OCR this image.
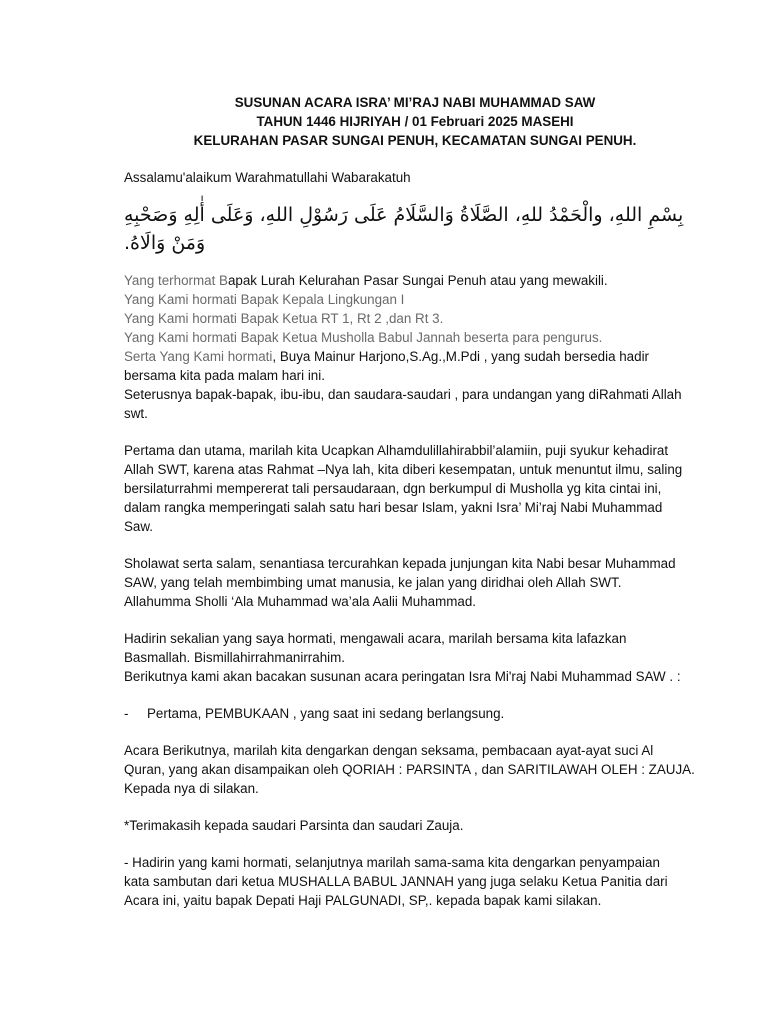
SUSUNAN ACARA ISRA’ MI’RAJ NABI MUHAMMAD SAW
TAHUN 1446 HIJRIYAH / 01 Februari 2025 MASEHI
KELURAHAN PASAR SUNGAI PENUH, KECAMATAN SUNGAI PENUH.

Assalamu'alaikum Warahmatullahi Wabarakatuh

بِسْمِ اللهِ، والْحَمْدُ للهِ، الصَّلَاةُ وَالسَّلَامُ عَلَى رَسُوْلِ اللهِ، وَعَلَى أٰلِهِ وَصَحْبِهِ وَمَنْ وَالَاهُ.

Yang terhormat Bapak Lurah Kelurahan Pasar Sungai Penuh atau yang mewakili.

Yang Kami hormati Bapak Kepala Lingkungan I

Yang Kami hormati Bapak Ketua RT 1, Rt 2 ,dan Rt 3.

Yang Kami hormati Bapak Ketua Musholla Babul Jannah beserta para pengurus.

Serta Yang Kami hormati, Buya Mainur Harjono,S.Ag.,M.Pdi , yang sudah bersedia hadir

bersama kita pada malam hari ini.

Seterusnya bapak-bapak, ibu-ibu, dan saudara-saudari , para undangan yang diRahmati Allah

swt.

Pertama dan utama, marilah kita Ucapkan Alhamdulillahirabbil’alamiin, puji syukur kehadirat

Allah SWT, karena atas Rahmat –Nya lah, kita diberi kesempatan, untuk menuntut ilmu, saling

bersilaturrahmi mempererat tali persaudaraan, dgn berkumpul di Musholla yg kita cintai ini,

dalam rangka memperingati salah satu hari besar Islam, yakni Isra’ Mi’raj Nabi Muhammad

Saw.

Sholawat serta salam, senantiasa tercurahkan kepada junjungan kita Nabi besar Muhammad

SAW, yang telah membimbing umat manusia, ke jalan yang diridhai oleh Allah SWT.

Allahumma Sholli ‘Ala Muhammad wa’ala Aalii Muhammad.

Hadirin sekalian yang saya hormati, mengawali acara, marilah bersama kita lafazkan

Basmallah. Bismillahirrahmanirrahim.

Berikutnya kami akan bacakan susunan acara peringatan Isra Mi'raj Nabi Muhammad SAW . :

-	Pertama, PEMBUKAAN , yang saat ini sedang berlangsung.

Acara Berikutnya, marilah kita dengarkan dengan seksama, pembacaan ayat-ayat suci Al

Quran, yang akan disampaikan oleh QORIAH : PARSINTA , dan SARITILAWAH OLEH : ZAUJA.

Kepada nya di silakan.

*Terimakasih kepada saudari Parsinta dan saudari Zauja.

- Hadirin yang kami hormati, selanjutnya marilah sama-sama kita dengarkan penyampaian

kata sambutan dari ketua MUSHALLA BABUL JANNAH yang juga selaku Ketua Panitia dari

Acara ini, yaitu bapak Depati Haji PALGUNADI, SP,. kepada bapak kami silakan.
